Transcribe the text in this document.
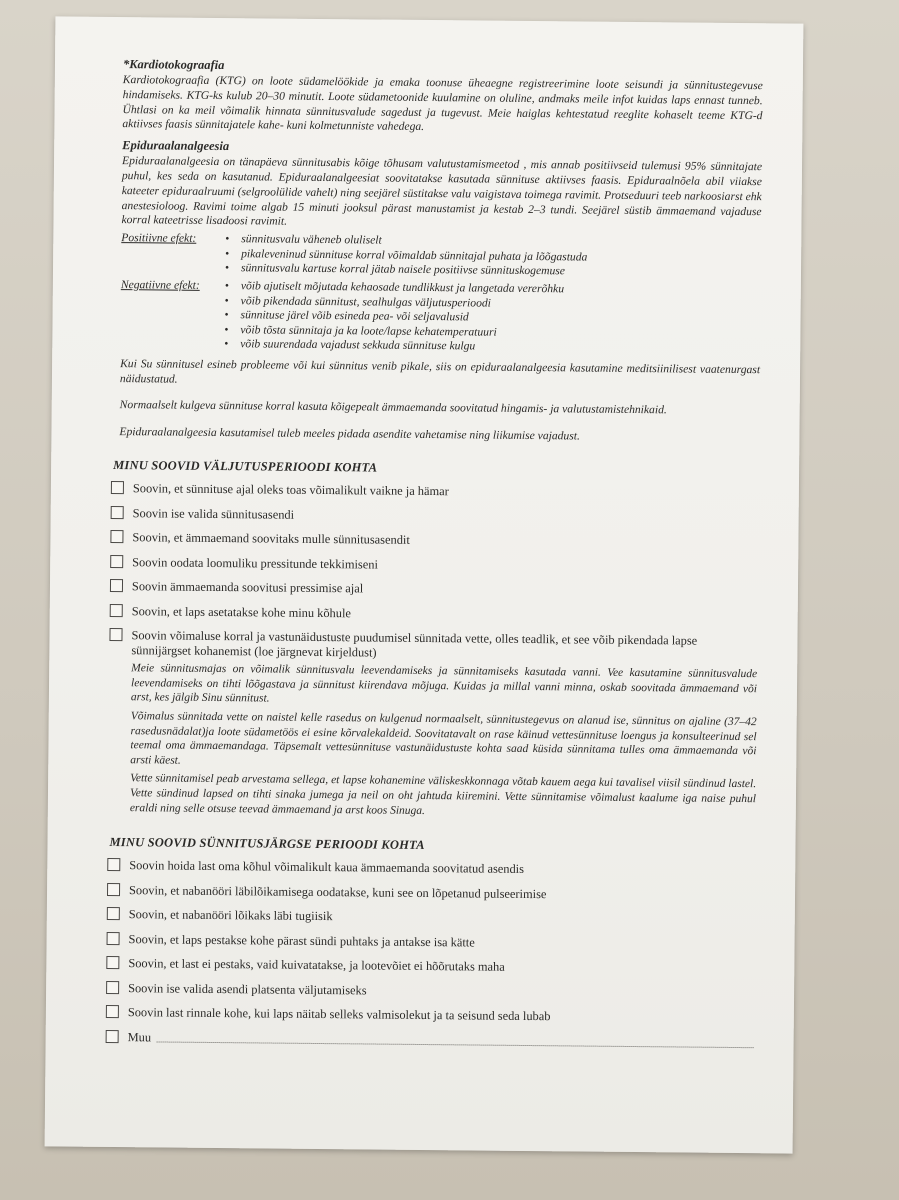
*Kardiotokograafia

Kardiotokograafia (KTG) on loote südamelöökide ja emaka toonuse üheaegne registreerimine loote seisundi ja sünnitustegevuse hindamiseks. KTG-ks kulub 20–30 minutit. Loote südametoonide kuulamine on oluline, andmaks meile infot kuidas laps ennast tunneb. Ühtlasi on ka meil võimalik hinnata sünnitusvalude sagedust ja tugevust. Meie haiglas kehtestatud reeglite kohaselt teeme KTG-d aktiivses faasis sünnitajatele kahe- kuni kolmetunniste vahedega.

Epiduraalanalgeesia

Epiduraalanalgeesia on tänapäeva sünnitusabis kõige tõhusam valutustamismeetod , mis annab positiivseid tulemusi 95% sünnitajate puhul, kes seda on kasutanud. Epiduraalanalgeesiat soovitatakse kasutada sünnituse aktiivses faasis. Epiduraalnõela abil viiakse kateeter epiduraalruumi (selgroolülide vahelt) ning seejärel süstitakse valu vaigistava toimega ravimit. Protseduuri teeb narkoosiarst ehk anestesioloog. Ravimi toime algab 15 minuti jooksul pärast manustamist ja kestab 2–3 tundi. Seejärel süstib ämmaemand vajaduse korral kateetrisse lisadoosi ravimit.

Positiivne efekt:	• sünnitusvalu väheneb oluliselt
• pikaleveninud sünnituse korral võimaldab sünnitajal puhata ja lõõgastuda
• sünnitusvalu kartuse korral jätab naisele positiivse sünnituskogemuse
Negatiivne efekt:	• võib ajutiselt mõjutada kehaosade tundlikkust ja langetada vererõhku
• võib pikendada sünnitust, sealhulgas väljutusperioodi
• sünnituse järel võib esineda pea- või seljavalusid
• võib tõsta sünnitaja ja ka loote/lapse kehatemperatuuri
• võib suurendada vajadust sekkuda sünnituse kulgu

Kui Su sünnitusel esineb probleeme või kui sünnitus venib pikale, siis on epiduraalanalgeesia kasutamine meditsiinilisest vaatenurgast näidustatud.

Normaalselt kulgeva sünnituse korral kasuta kõigepealt ämmaemanda soovitatud hingamis- ja valutustamistehnikaid.

Epiduraalanalgeesia kasutamisel tuleb meeles pidada asendite vahetamise ning liikumise vajadust.

MINU SOOVID VÄLJUTUSPERIOODI KOHTA
Soovin, et sünnituse ajal oleks toas võimalikult vaikne ja hämar
Soovin ise valida sünnitusasendi
Soovin, et ämmaemand soovitaks mulle sünnitusasendit
Soovin oodata loomuliku pressitunde tekkimiseni
Soovin ämmaemanda soovitusi pressimise ajal
Soovin, et laps asetatakse kohe minu kõhule
Soovin võimaluse korral ja vastunäidustuste puudumisel sünnitada vette, olles teadlik, et see võib pikendada lapse sünnijärgset kohanemist (loe järgnevat kirjeldust)

Meie sünnitusmajas on võimalik sünnitusvalu leevendamiseks ja sünnitamiseks kasutada vanni. Vee kasutamine sünnitusvalude leevendamiseks on tihti lõõgastava ja sünnitust kiirendava mõjuga. Kuidas ja millal vanni minna, oskab soovitada ämmaemand või arst, kes jälgib Sinu sünnitust.

Võimalus sünnitada vette on naistel kelle rasedus on kulgenud normaalselt, sünnitustegevus on alanud ise, sünnitus on ajaline (37–42 rasedusnädalat)ja loote südametöös ei esine kõrvalekaldeid. Soovitatavalt on rase käinud vettesünnituse loengus ja konsulteerinud sel teemal oma ämmaemandaga. Täpsemalt vettesünnituse vastunäidustuste kohta saad küsida sünnitama tulles oma ämmaemanda või arsti käest.

Vette sünnitamisel peab arvestama sellega, et lapse kohanemine väliskeskkonnaga võtab kauem aega kui tavalisel viisil sündinud lastel. Vette sündinud lapsed on tihti sinaka jumega ja neil on oht jahtuda kiiremini. Vette sünnitamise võimalust kaalume iga naise puhul eraldi ning selle otsuse teevad ämmaemand ja arst koos Sinuga.

MINU SOOVID SÜNNITUSJÄRGSE PERIOODI KOHTA
Soovin hoida last oma kõhul võimalikult kaua ämmaemanda soovitatud asendis
Soovin, et nabanööri läbilõikamisega oodatakse, kuni see on lõpetanud pulseerimise
Soovin, et nabanööri lõikaks läbi tugiisik
Soovin, et laps pestakse kohe pärast sündi puhtaks ja antakse isa kätte
Soovin, et last ei pestaks, vaid kuivatatakse, ja lootevõiet ei hõõrutaks maha
Soovin ise valida asendi platsenta väljutamiseks
Soovin last rinnale kohe, kui laps näitab selleks valmisolekut ja ta seisund seda lubab
Muu
